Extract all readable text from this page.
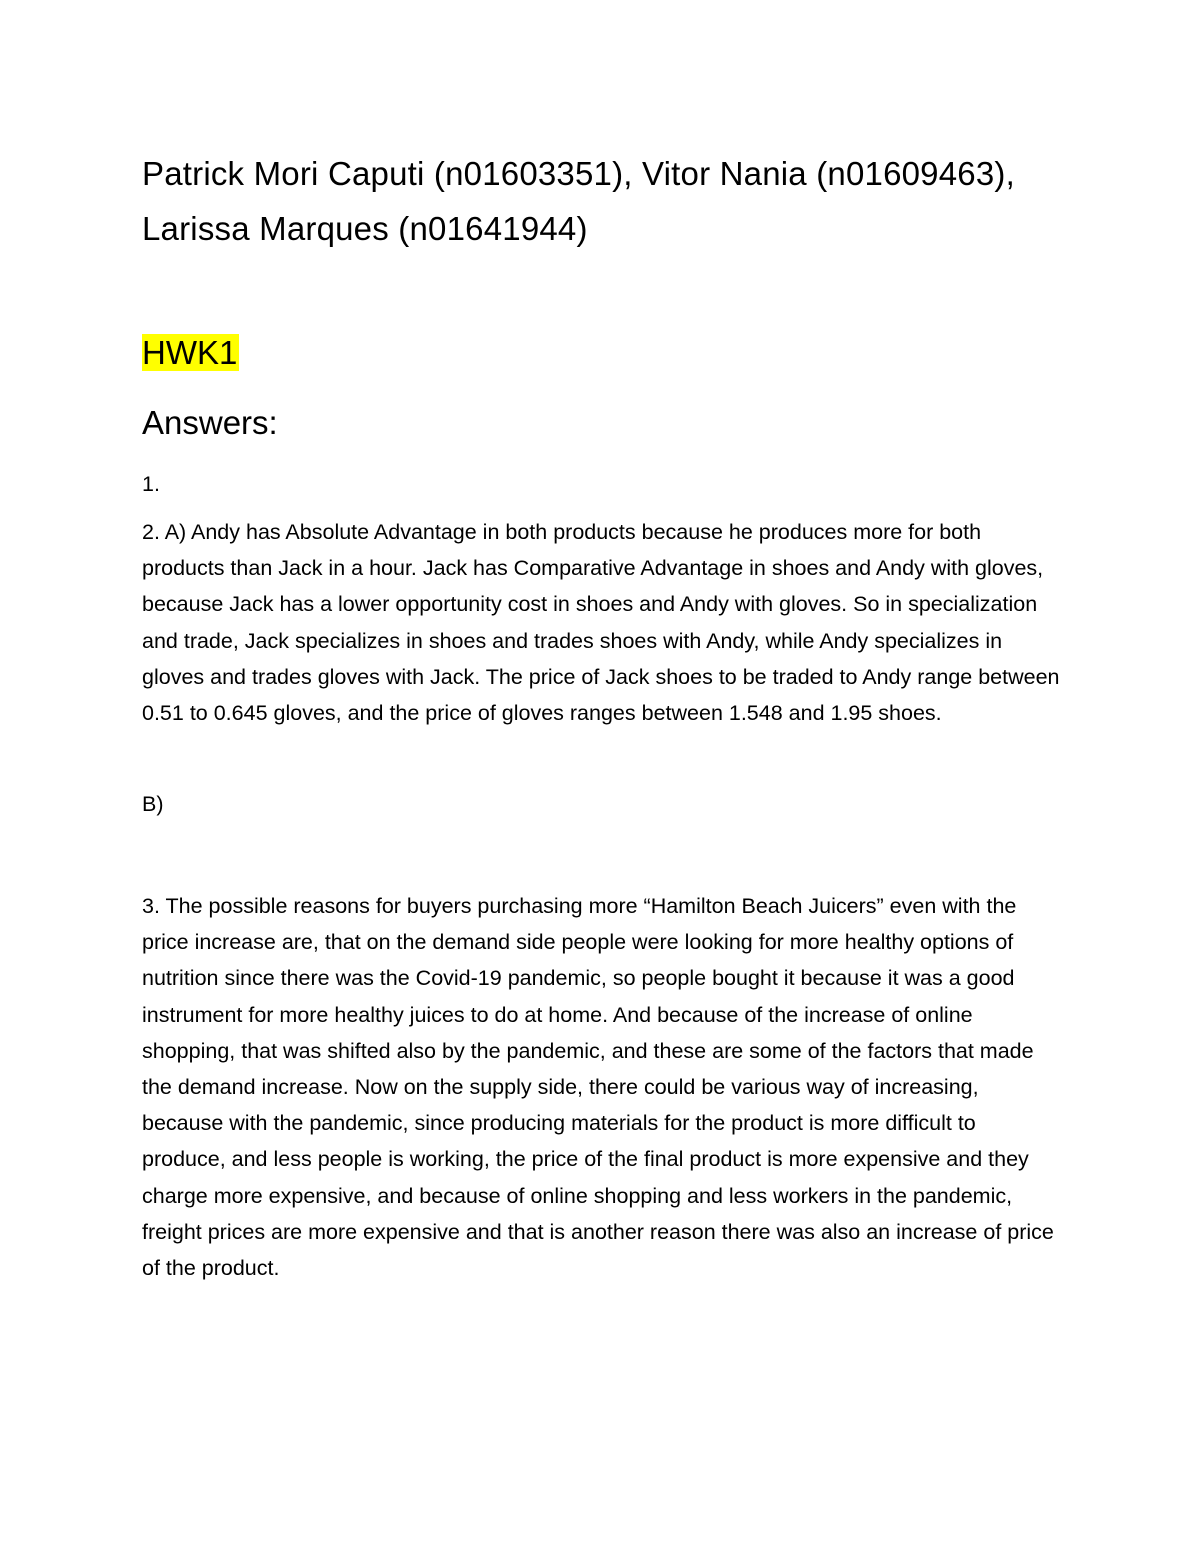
Patrick Mori Caputi (n01603351), Vitor Nania (n01609463), Larissa Marques (n01641944)

HWK1
Answers:

1.

2. A) Andy has Absolute Advantage in both products because he produces more for both products than Jack in a hour. Jack has Comparative Advantage in shoes and Andy with gloves, because Jack has a lower opportunity cost in shoes and Andy with gloves. So in specialization and trade, Jack specializes in shoes and trades shoes with Andy, while Andy specializes in gloves and trades gloves with Jack. The price of Jack shoes to be traded to Andy range between 0.51 to 0.645 gloves, and the price of gloves ranges between 1.548 and 1.95 shoes.

B)

3. The possible reasons for buyers purchasing more “Hamilton Beach Juicers” even with the price increase are, that on the demand side people were looking for more healthy options of nutrition since there was the Covid-19 pandemic, so people bought it because it was a good instrument for more healthy juices to do at home. And because of the increase of online shopping, that was shifted also by the pandemic, and these are some of the factors that made the demand increase. Now on the supply side, there could be various way of increasing, because with the pandemic, since producing materials for the product is more difficult to produce, and less people is working, the price of the final product is more expensive and they charge more expensive, and because of online shopping and less workers in the pandemic, freight prices are more expensive and that is another reason there was also an increase of price of the product.
